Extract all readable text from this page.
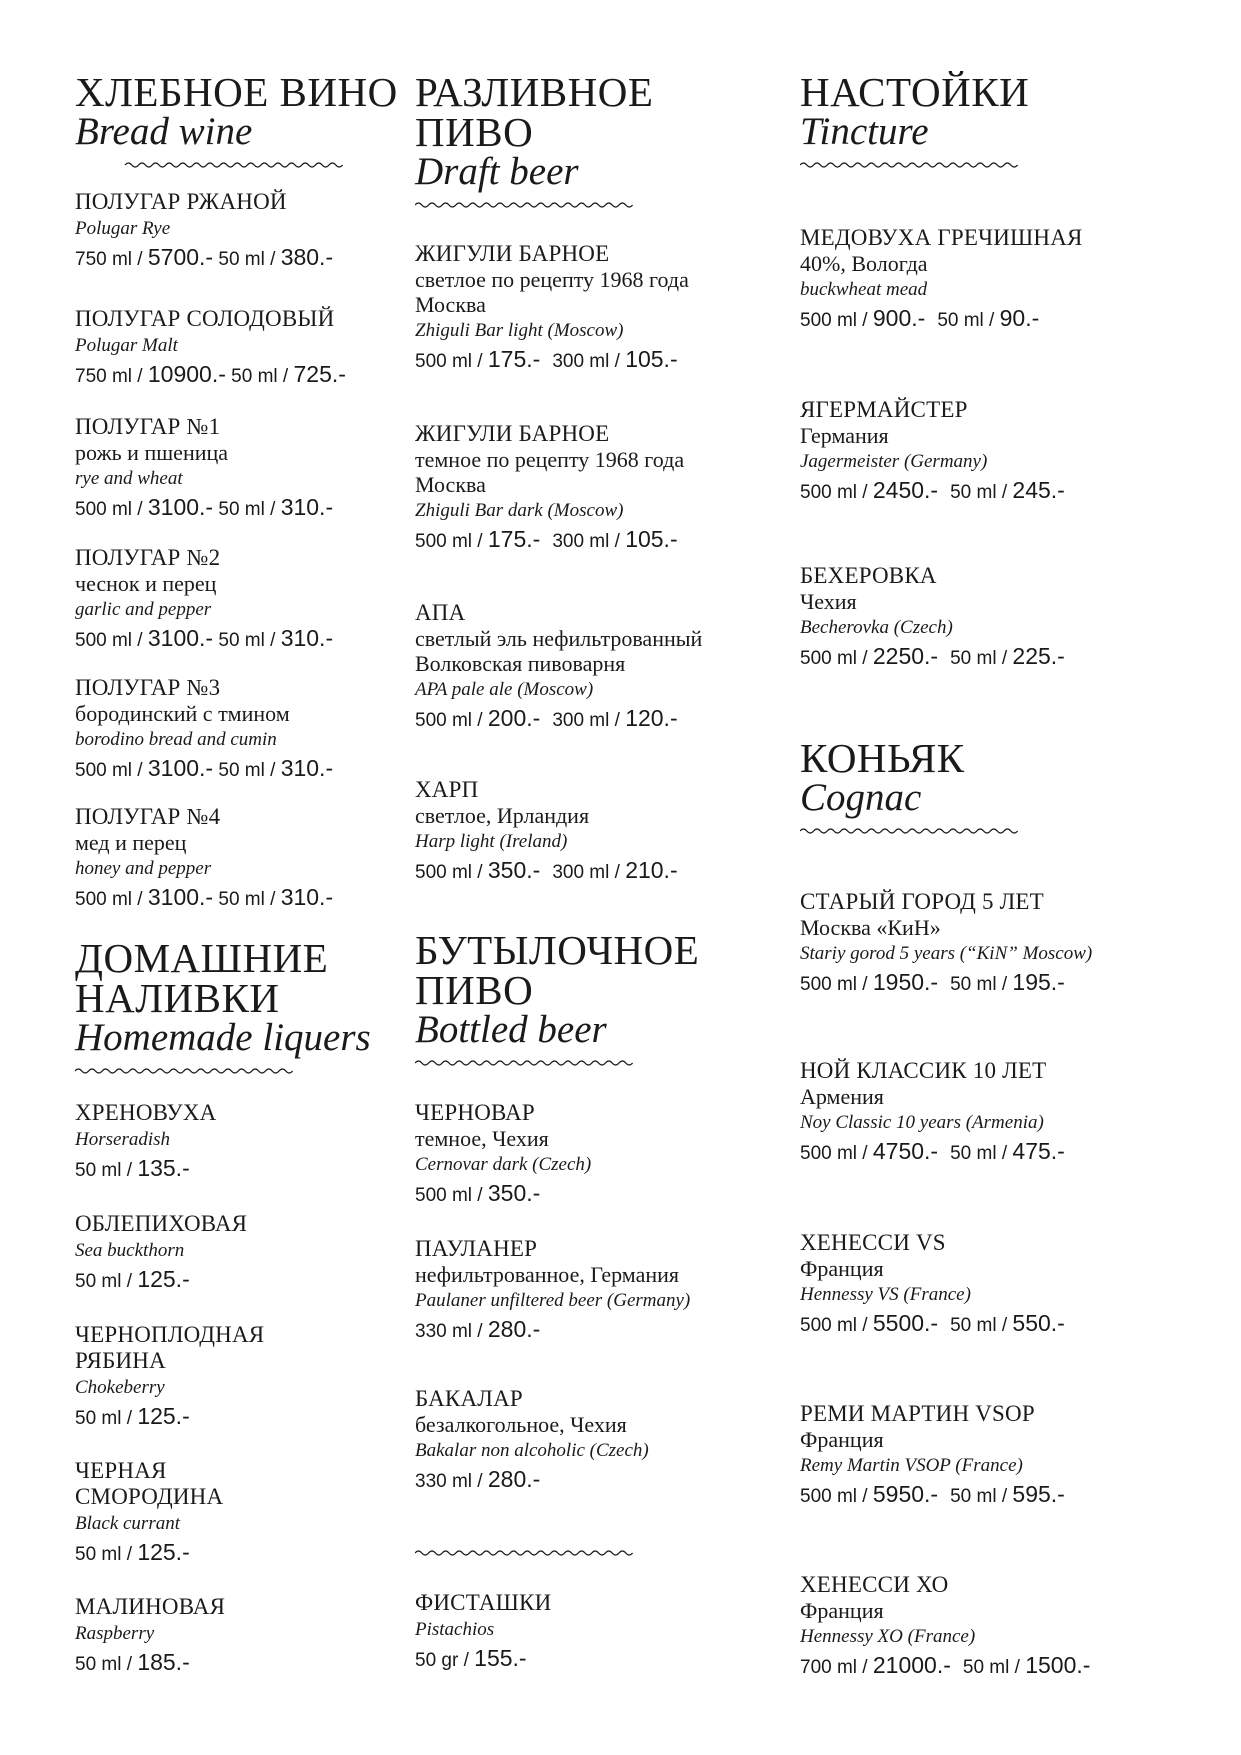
ХЛЕБНОЕ ВИНО
Bread wine
ПОЛУГАР РЖАНОЙ
Polugar Rye
750 ml / 5700.- 50 ml / 380.-
ПОЛУГАР СОЛОДОВЫЙ
Polugar Malt
750 ml / 10900.- 50 ml / 725.-
ПОЛУГАР №1
рожь и пшеница
rye and wheat
500 ml / 3100.- 50 ml / 310.-
ПОЛУГАР №2
чеснок и перец
garlic and pepper
500 ml / 3100.- 50 ml / 310.-
ПОЛУГАР №3
бородинский с тмином
borodino bread and cumin
500 ml / 3100.- 50 ml / 310.-
ПОЛУГАР №4
мед и перец
honey and pepper
500 ml / 3100.- 50 ml / 310.-
ДОМАШНИЕ
НАЛИВКИ
Homemade liquers
ХРЕНОВУХА
Horseradish
50 ml / 135.-
ОБЛЕПИХОВАЯ
Sea buckthorn
50 ml / 125.-
ЧЕРНОПЛОДНАЯ
РЯБИНА
Chokeberry
50 ml / 125.-
ЧЕРНАЯ
СМОРОДИНА
Black currant
50 ml / 125.-
МАЛИНОВАЯ
Raspberry
50 ml / 185.-
РАЗЛИВНОЕ
ПИВО
Draft beer
ЖИГУЛИ БАРНОЕ
светлое по рецепту 1968 года
Москва
Zhiguli Bar light (Moscow)
500 ml / 175.- 300 ml / 105.-
ЖИГУЛИ БАРНОЕ
темное по рецепту 1968 года
Москва
Zhiguli Bar dark (Moscow)
500 ml / 175.- 300 ml / 105.-
АПА
светлый эль нефильтрованный
Волковская пивоварня
APA pale ale (Moscow)
500 ml / 200.- 300 ml / 120.-
ХАРП
светлое, Ирландия
Harp light (Ireland)
500 ml / 350.- 300 ml / 210.-
БУТЫЛОЧНОЕ
ПИВО
Bottled beer
ЧЕРНОВАР
темное, Чехия
Cernovar dark (Czech)
500 ml / 350.-
ПАУЛАНЕР
нефильтрованное, Германия
Paulaner unfiltered beer (Germany)
330 ml / 280.-
БАКАЛАР
безалкогольное, Чехия
Bakalar non alcoholic (Czech)
330 ml / 280.-
ФИСТАШКИ
Pistachios
50 gr / 155.-
НАСТОЙКИ
Tincture
МЕДОВУХА ГРЕЧИШНАЯ
40%, Вологда
buckwheat mead
500 ml / 900.- 50 ml / 90.-
ЯГЕРМАЙСТЕР
Германия
Jagermeister (Germany)
500 ml / 2450.- 50 ml / 245.-
БЕХЕРОВКА
Чехия
Becherovka (Czech)
500 ml / 2250.- 50 ml / 225.-
КОНЬЯК
Cognac
СТАРЫЙ ГОРОД 5 ЛЕТ
Москва «КиН»
Stariy gorod 5 years (“KiN” Moscow)
500 ml / 1950.- 50 ml / 195.-
НОЙ КЛАССИК 10 ЛЕТ
Армения
Noy Classic 10 years (Armenia)
500 ml / 4750.- 50 ml / 475.-
ХЕНЕССИ VS
Франция
Hennessy VS (France)
500 ml / 5500.- 50 ml / 550.-
РЕМИ МАРТИН VSOP
Франция
Remy Martin VSOP (France)
500 ml / 5950.- 50 ml / 595.-
ХЕНЕССИ ХО
Франция
Hennessy XO (France)
700 ml / 21000.- 50 ml / 1500.-
